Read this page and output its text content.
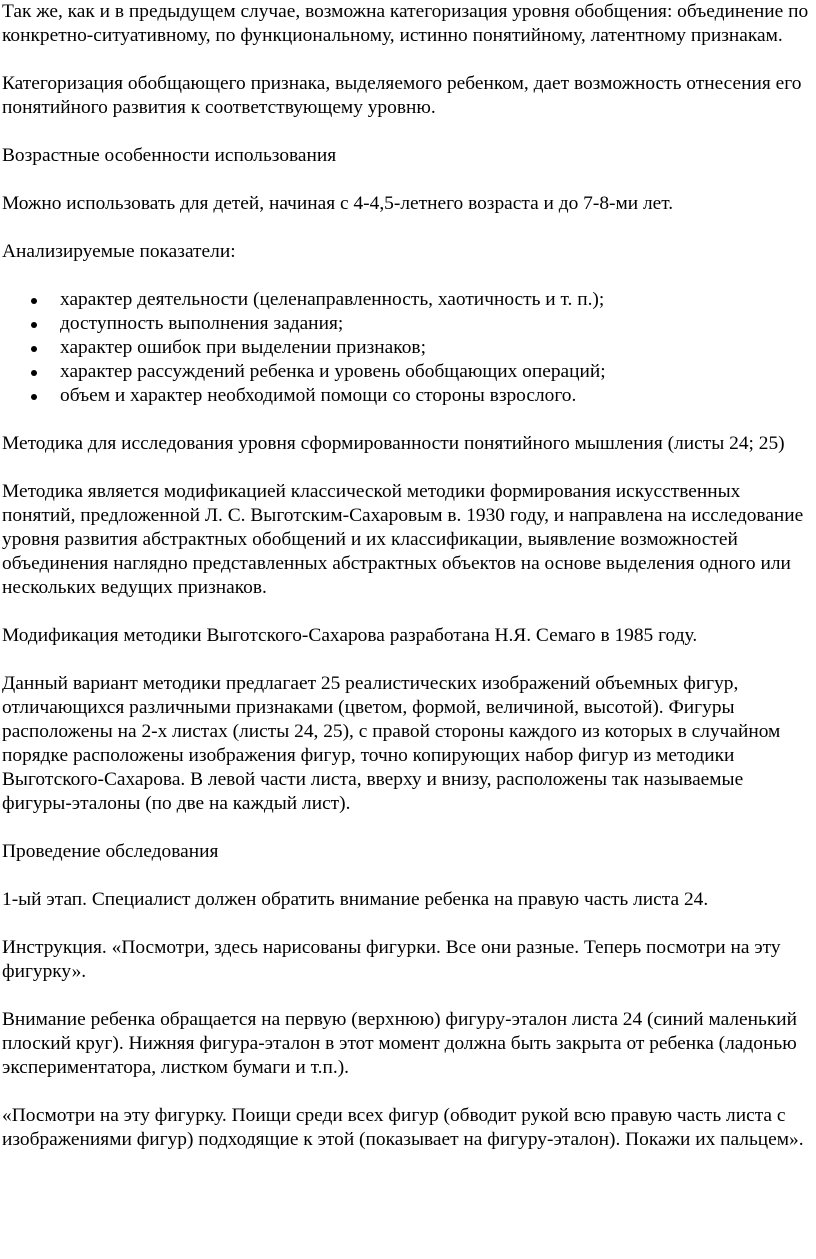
Так же, как и в предыдущем случае, возможна категоризация уровня обобщения: объединение по конкретно-ситуативному, по функциональному, истинно понятийному, латентному признакам.

Категоризация обобщающего признака, выделяемого ребенком, дает возможность отнесения его понятийного развития к соответствующему уровню.

Возрастные особенности использования

Можно использовать для детей, начиная с 4-4,5-летнего возраста и до 7-8-ми лет.

Анализируемые показатели:

характер деятельности (целенаправленность, хаотичность и т. п.);
доступность выполнения задания;
характер ошибок при выделении признаков;
характер рассуждений ребенка и уровень обобщающих операций;
объем и характер необходимой помощи со стороны взрослого.

Методика для исследования уровня сформированности понятийного мышления (листы 24; 25)

Методика является модификацией классической методики формирования искусственных понятий, предложенной Л. С. Выготским-Сахаровым в. 1930 году, и направлена на исследование уровня развития абстрактных обобщений и их классификации, выявление возможностей объединения наглядно представленных абстрактных объектов на основе выделения одного или нескольких ведущих признаков.

Модификация методики Выготского-Сахарова разработана Н.Я. Семаго в 1985 году.

Данный вариант методики предлагает 25 реалистических изображений объемных фигур, отличающихся различными признаками (цветом, формой, величиной, высотой). Фигуры расположены на 2-х листах (листы 24, 25), с правой стороны каждого из которых в случайном порядке расположены изображения фигур, точно копирующих набор фигур из методики Выготского-Сахарова. В левой части листа, вверху и внизу, расположены так называемые фигуры-эталоны (по две на каждый лист).

Проведение обследования

1-ый этап. Специалист должен обратить внимание ребенка на правую часть листа 24.

Инструкция. «Посмотри, здесь нарисованы фигурки. Все они разные. Теперь посмотри на эту фигурку».

Внимание ребенка обращается на первую (верхнюю) фигуру-эталон листа 24 (синий маленький плоский круг). Нижняя фигура-эталон в этот момент должна быть закрыта от ребенка (ладонью экспериментатора, листком бумаги и т.п.).

«Посмотри на эту фигурку. Поищи среди всех фигур (обводит рукой всю правую часть листа с изображениями фигур) подходящие к этой (показывает на фигуру-эталон). Покажи их пальцем».
